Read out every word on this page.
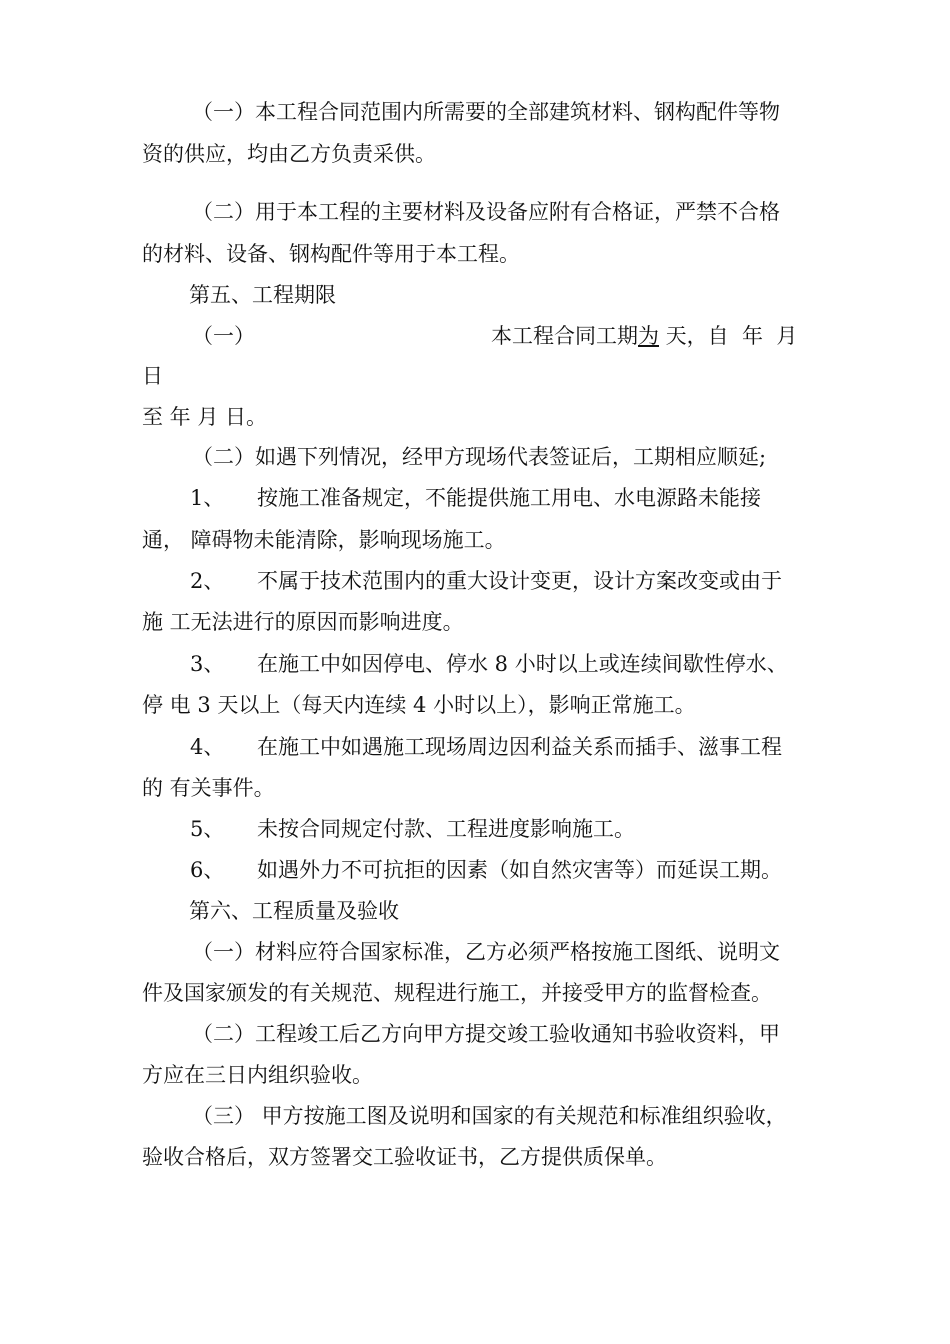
（一）本工程合同范围内所需要的全部建筑材料、钢构配件等物
资的供应，均由乙方负责采供。
（二）用于本工程的主要材料及设备应附有合格证，严禁不合格
的材料、设备、钢构配件等用于本工程。
第五、工程期限
（一）	本工程合同工期为 天，自  年  月
日
至 年 月 日。
（二）如遇下列情况，经甲方现场代表签证后，工期相应顺延;
1、 按施工准备规定，不能提供施工用电、水电源路未能接
通， 障碍物未能清除，影响现场施工。
2、 不属于技术范围内的重大设计变更，设计方案改变或由于
施 工无法进行的原因而影响进度。
3、 在施工中如因停电、停水 8 小时以上或连续间歇性停水、
停 电 3 天以上（每天内连续 4 小时以上），影响正常施工。
4、 在施工中如遇施工现场周边因利益关系而插手、滋事工程
的 有关事件。
5、 未按合同规定付款、工程进度影响施工。
6、 如遇外力不可抗拒的因素（如自然灾害等）而延误工期。
第六、工程质量及验收
（一）材料应符合国家标准，乙方必须严格按施工图纸、说明文
件及国家颁发的有关规范、规程进行施工，并接受甲方的监督检查。
（二）工程竣工后乙方向甲方提交竣工验收通知书验收资料，甲
方应在三日内组织验收。
（三） 甲方按施工图及说明和国家的有关规范和标准组织验收，
验收合格后，双方签署交工验收证书，乙方提供质保单。
